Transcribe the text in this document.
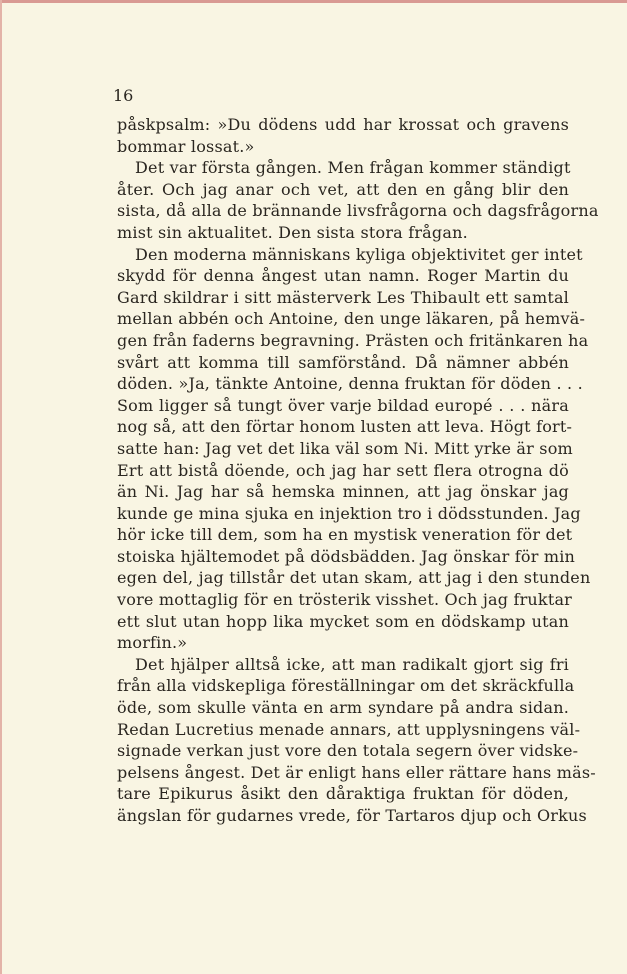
16
påskpsalm: »Du dödens udd har krossat och gravens
bommar lossat.»
Det var första gången. Men frågan kommer ständigt
åter. Och jag anar och vet, att den en gång blir den
sista, då alla de brännande livsfrågorna och dagsfrågorna
mist sin aktualitet. Den sista stora frågan.
Den moderna människans kyliga objektivitet ger intet
skydd för denna ångest utan namn. Roger Martin du
Gard skildrar i sitt mästerverk Les Thibault ett samtal
mellan abbén och Antoine, den unge läkaren, på hemvä-
gen från faderns begravning. Prästen och fritänkaren ha
svårt att komma till samförstånd. Då nämner abbén
döden. »Ja, tänkte Antoine, denna fruktan för döden . . .
Som ligger så tungt över varje bildad europé . . . nära
nog så, att den förtar honom lusten att leva. Högt fort-
satte han: Jag vet det lika väl som Ni. Mitt yrke är som
Ert att bistå döende, och jag har sett flera otrogna dö
än Ni. Jag har så hemska minnen, att jag önskar jag
kunde ge mina sjuka en injektion tro i dödsstunden. Jag
hör icke till dem, som ha en mystisk veneration för det
stoiska hjältemodet på dödsbädden. Jag önskar för min
egen del, jag tillstår det utan skam, att jag i den stunden
vore mottaglig för en trösterik visshet. Och jag fruktar
ett slut utan hopp lika mycket som en dödskamp utan
morfin.»
Det hjälper alltså icke, att man radikalt gjort sig fri
från alla vidskepliga föreställningar om det skräckfulla
öde, som skulle vänta en arm syndare på andra sidan.
Redan Lucretius menade annars, att upplysningens väl-
signade verkan just vore den totala segern över vidske-
pelsens ångest. Det är enligt hans eller rättare hans mäs-
tare Epikurus åsikt den dåraktiga fruktan för döden,
ängslan för gudarnes vrede, för Tartaros djup och Orkus
